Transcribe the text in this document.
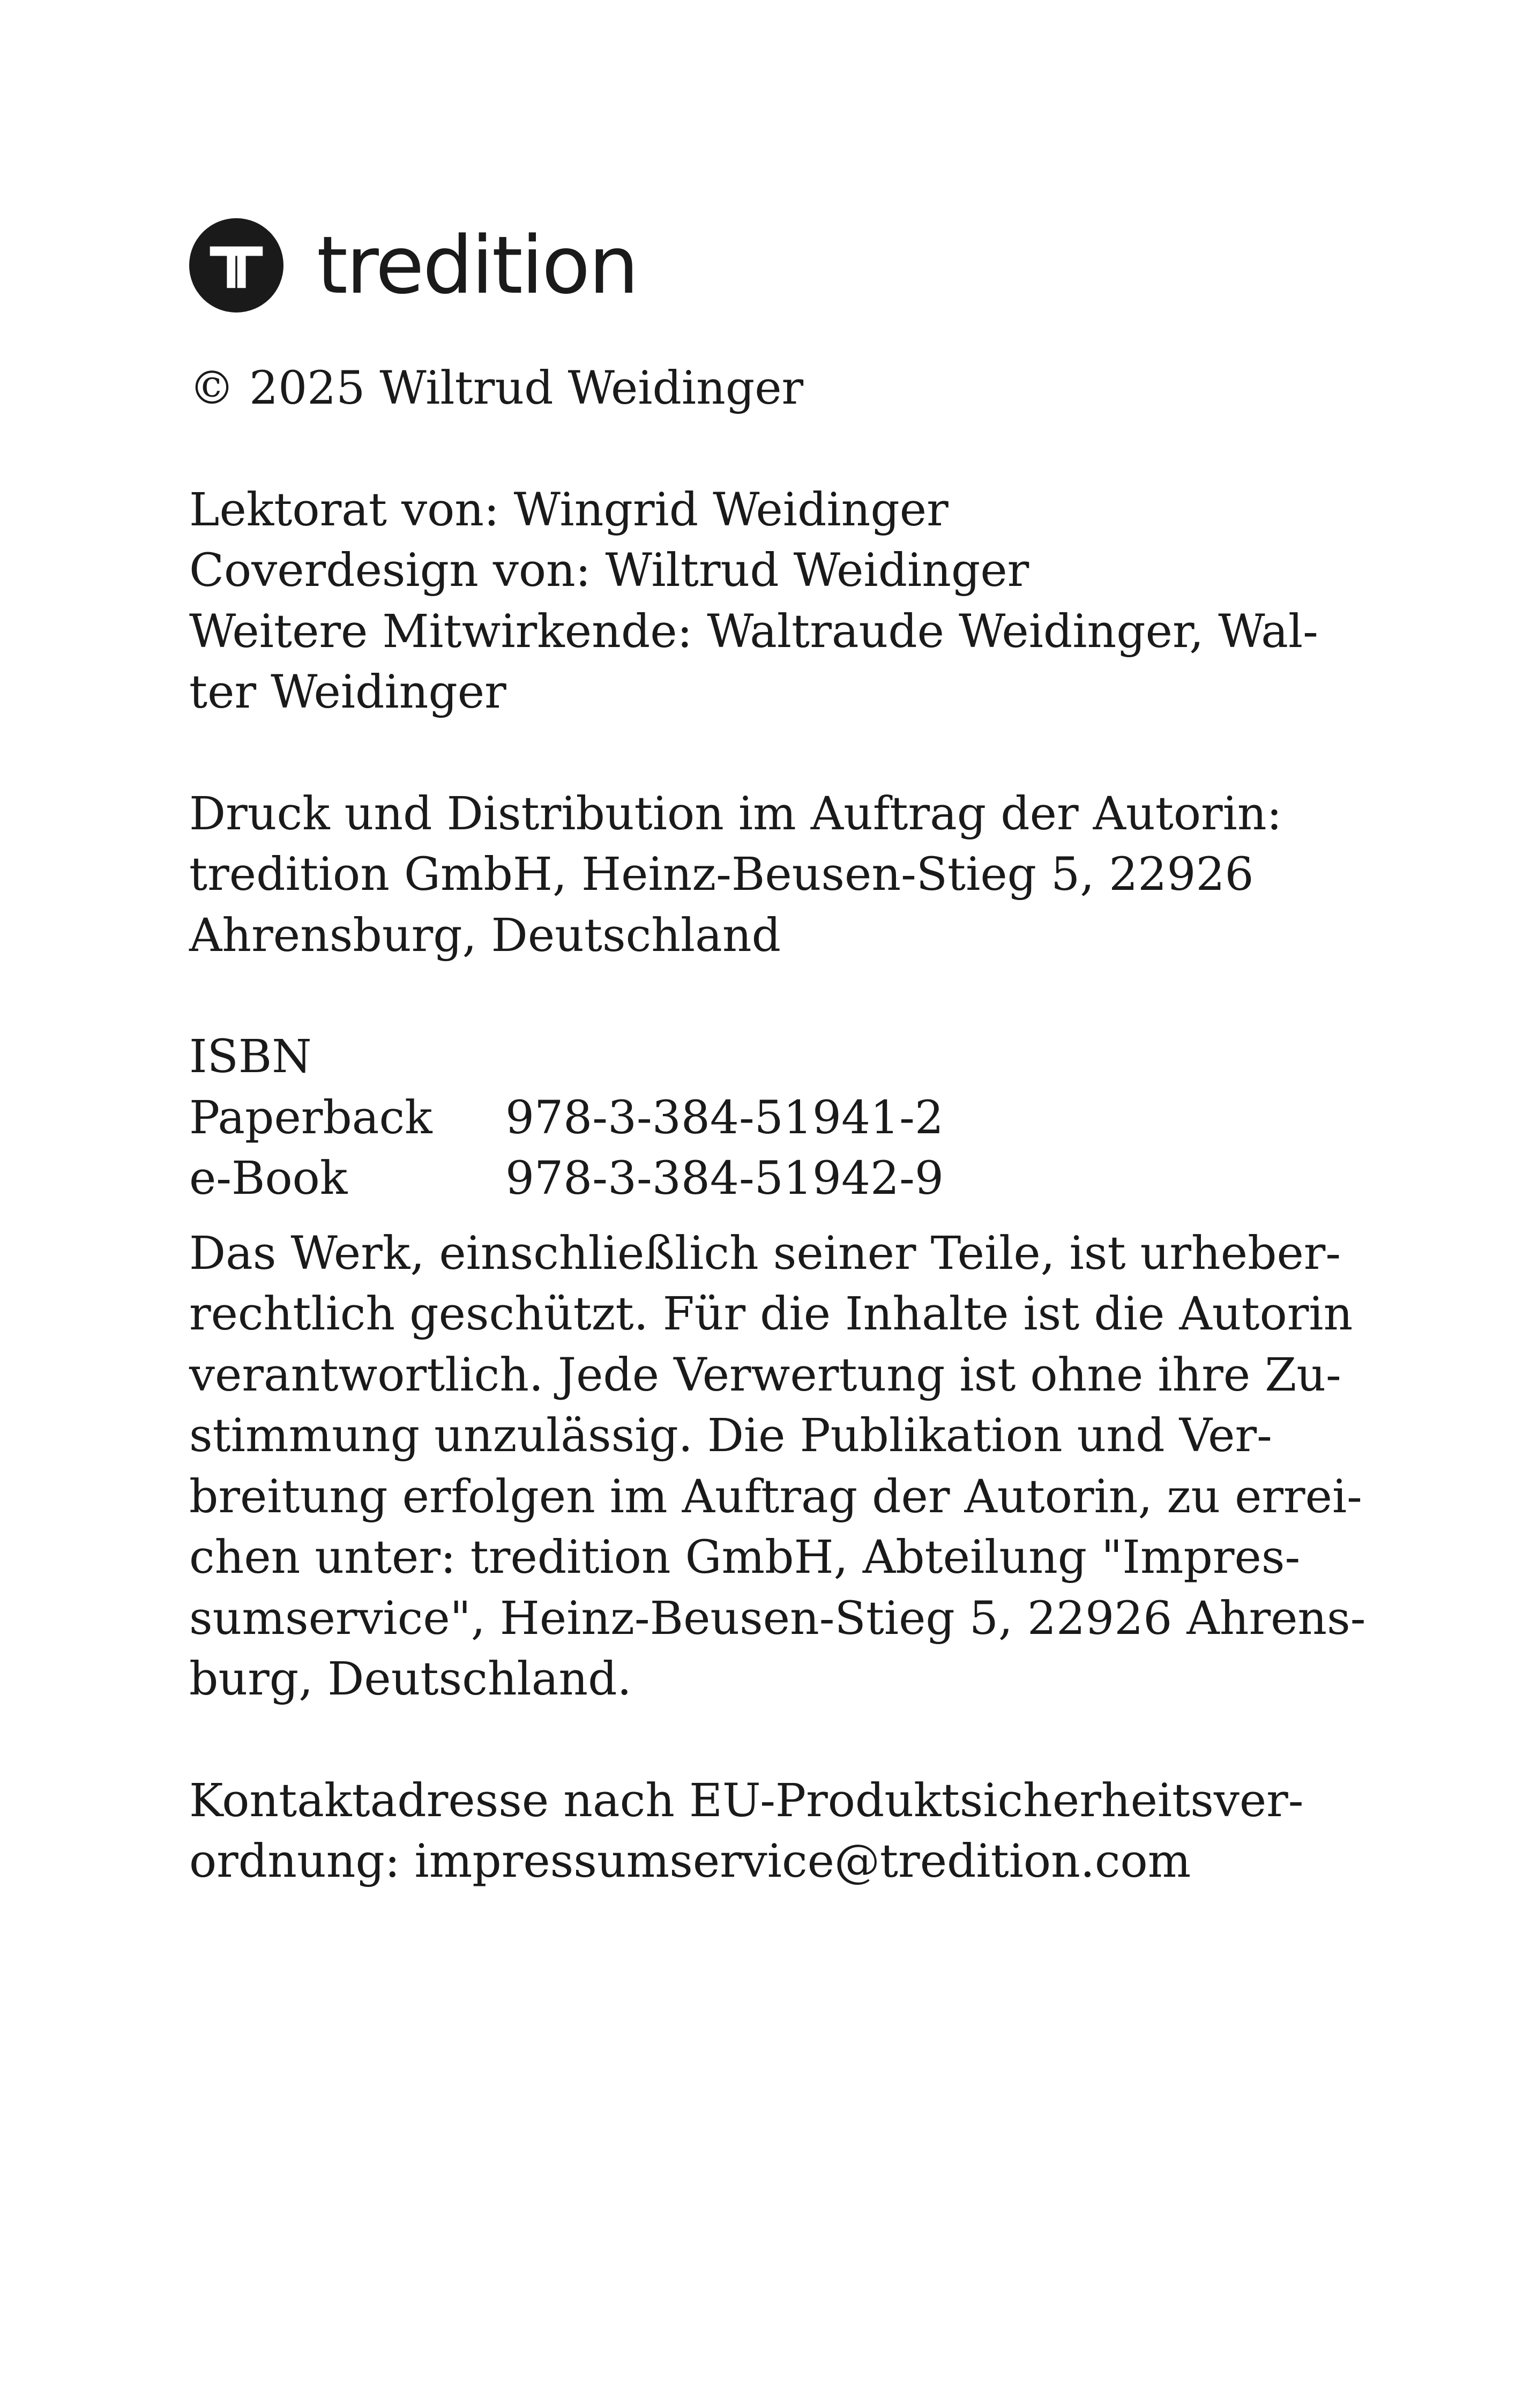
tredition

© 2025 Wiltrud Weidinger

Lektorat von: Wingrid Weidinger
Coverdesign von: Wiltrud Weidinger
Weitere Mitwirkende: Waltraude Weidinger, Wal-
ter Weidinger

Druck und Distribution im Auftrag der Autorin:
tredition GmbH, Heinz-Beusen-Stieg 5, 22926
Ahrensburg, Deutschland

ISBN
Paperback	978-3-384-51941-2
e-Book	978-3-384-51942-9

Das Werk, einschließlich seiner Teile, ist urheber-
rechtlich geschützt. Für die Inhalte ist die Autorin
verantwortlich. Jede Verwertung ist ohne ihre Zu-
stimmung unzulässig. Die Publikation und Ver-
breitung erfolgen im Auftrag der Autorin, zu errei-
chen unter: tredition GmbH, Abteilung "Impres-
sumservice", Heinz-Beusen-Stieg 5, 22926 Ahrens-
burg, Deutschland.

Kontaktadresse nach EU-Produktsicherheitsver-
ordnung: impressumservice@tredition.com
